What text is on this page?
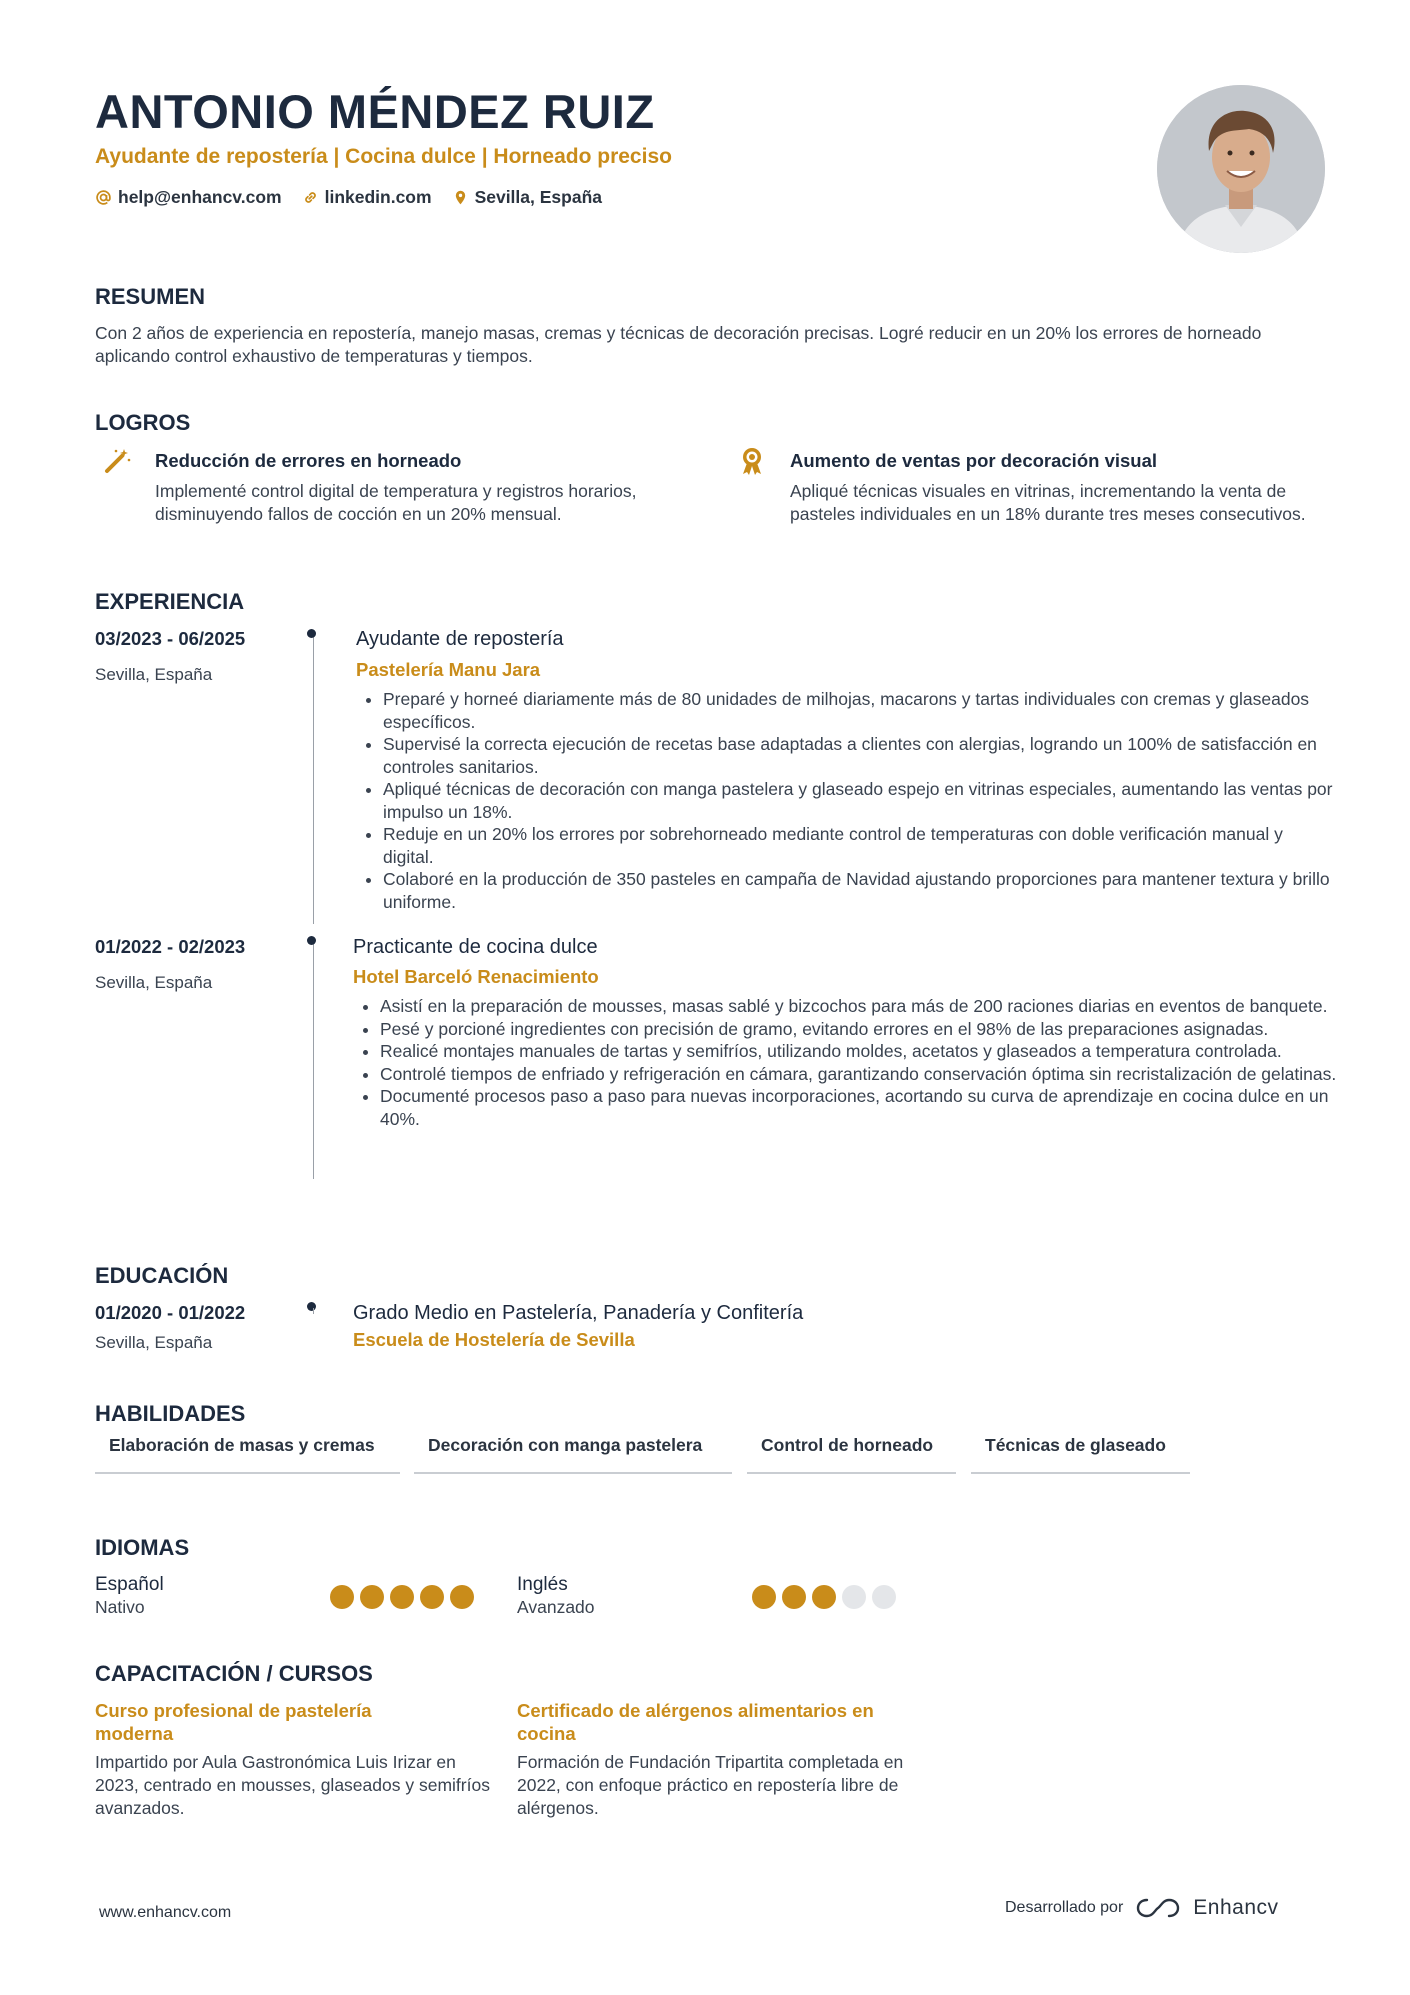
ANTONIO MÉNDEZ RUIZ
Ayudante de repostería | Cocina dulce | Horneado preciso
help@enhancv.com linkedin.com Sevilla, España
RESUMEN
Con 2 años de experiencia en repostería, manejo masas, cremas y técnicas de decoración precisas. Logré reducir en un 20% los errores de horneado aplicando control exhaustivo de temperaturas y tiempos.
LOGROS
Reducción de errores en horneado
Implementé control digital de temperatura y registros horarios, disminuyendo fallos de cocción en un 20% mensual.
Aumento de ventas por decoración visual
Apliqué técnicas visuales en vitrinas, incrementando la venta de pasteles individuales en un 18% durante tres meses consecutivos.
EXPERIENCIA
03/2023 - 06/2025
Sevilla, España
Ayudante de repostería
Pastelería Manu Jara
• Preparé y horneé diariamente más de 80 unidades de milhojas, macarons y tartas individuales con cremas y glaseados específicos.
• Supervisé la correcta ejecución de recetas base adaptadas a clientes con alergias, logrando un 100% de satisfacción en controles sanitarios.
• Apliqué técnicas de decoración con manga pastelera y glaseado espejo en vitrinas especiales, aumentando las ventas por impulso un 18%.
• Reduje en un 20% los errores por sobrehorneado mediante control de temperaturas con doble verificación manual y digital.
• Colaboré en la producción de 350 pasteles en campaña de Navidad ajustando proporciones para mantener textura y brillo uniforme.
01/2022 - 02/2023
Sevilla, España
Practicante de cocina dulce
Hotel Barceló Renacimiento
• Asistí en la preparación de mousses, masas sablé y bizcochos para más de 200 raciones diarias en eventos de banquete.
• Pesé y porcioné ingredientes con precisión de gramo, evitando errores en el 98% de las preparaciones asignadas.
• Realicé montajes manuales de tartas y semifríos, utilizando moldes, acetatos y glaseados a temperatura controlada.
• Controlé tiempos de enfriado y refrigeración en cámara, garantizando conservación óptima sin recristalización de gelatinas.
• Documenté procesos paso a paso para nuevas incorporaciones, acortando su curva de aprendizaje en cocina dulce en un 40%.
EDUCACIÓN
01/2020 - 01/2022
Sevilla, España
Grado Medio en Pastelería, Panadería y Confitería
Escuela de Hostelería de Sevilla
HABILIDADES
Elaboración de masas y cremas	Decoración con manga pastelera	Control de horneado	Técnicas de glaseado
IDIOMAS
Español
Nativo
Inglés
Avanzado
CAPACITACIÓN / CURSOS
Curso profesional de pastelería moderna
Impartido por Aula Gastronómica Luis Irizar en 2023, centrado en mousses, glaseados y semifríos avanzados.
Certificado de alérgenos alimentarios en cocina
Formación de Fundación Tripartita completada en 2022, con enfoque práctico en repostería libre de alérgenos.
www.enhancv.com	Desarrollado por	Enhancv
